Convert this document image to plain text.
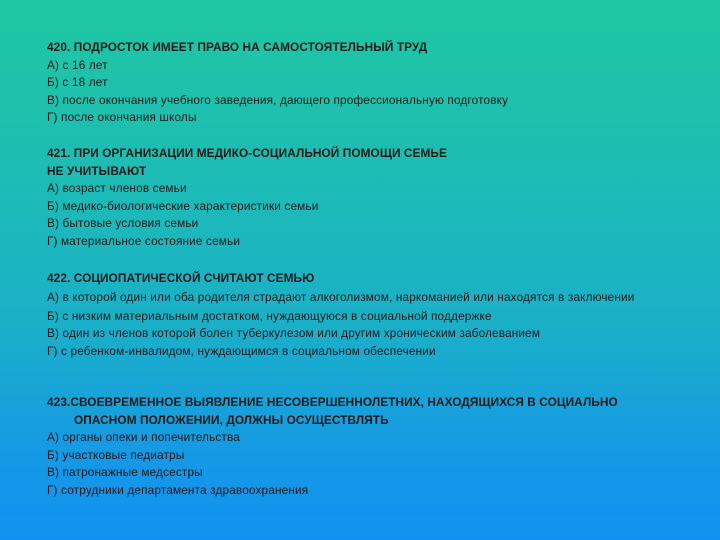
420. ПОДРОСТОК ИМЕЕТ ПРАВО НА САМОСТОЯТЕЛЬНЫЙ ТРУД
А) с 16 лет
Б) с 18 лет
В) после окончания учебного заведения, дающего профессиональную подготовку
Г) после окончания школы
421. ПРИ ОРГАНИЗАЦИИ МЕДИКО-СОЦИАЛЬНОЙ ПОМОЩИ СЕМЬЕ
НЕ УЧИТЫВАЮТ
А) возраст членов семьи
Б) медико-биологические характеристики семьи
В) бытовые условия семьи
Г) материальное состояние семьи
422. СОЦИОПАТИЧЕСКОЙ СЧИТАЮТ СЕМЬЮ
А) в которой один или оба родителя страдают алкоголизмом, наркоманией или находятся в заключении
Б) с низким материальным достатком, нуждающуюся в социальной поддержке
В) один из членов которой болен туберкулезом или другим хроническим заболеванием
Г) с ребенком-инвалидом, нуждающимся в социальном обеспечении
423.СВОЕВРЕМЕННОЕ ВЫЯВЛЕНИЕ НЕСОВЕРШЕННОЛЕТНИХ, НАХОДЯЩИХСЯ В СОЦИАЛЬНО ОПАСНОМ ПОЛОЖЕНИИ, ДОЛЖНЫ ОСУЩЕСТВЛЯТЬ
А) органы опеки и попечительства
Б) участковые педиатры
В) патронажные медсестры
Г) сотрудники департамента здравоохранения
